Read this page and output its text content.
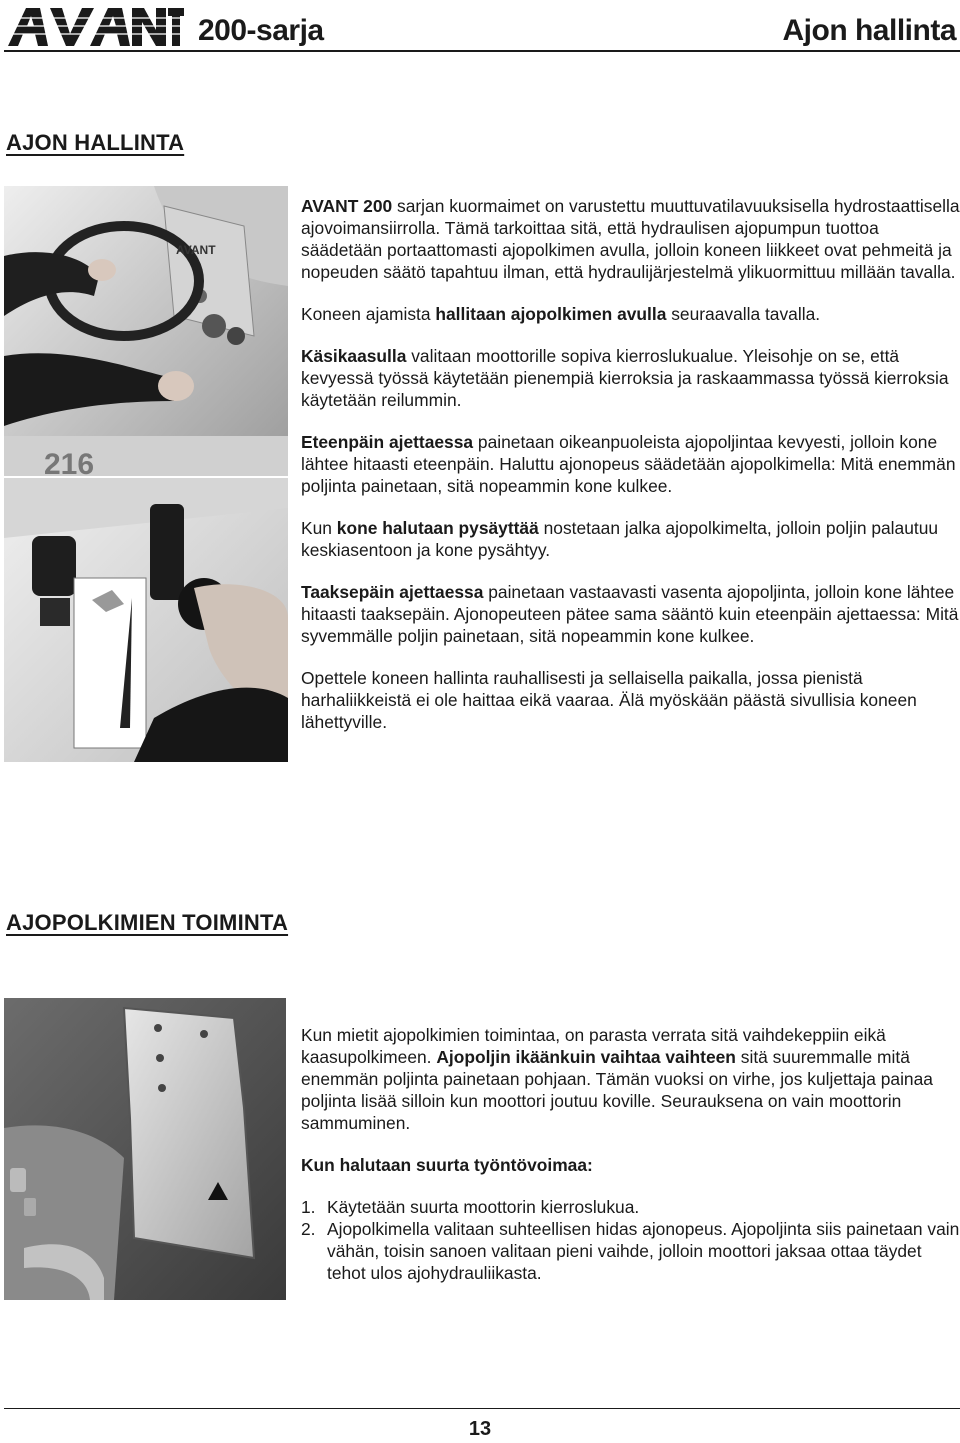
200-sarja	Ajon hallinta
AJON HALLINTA
216
AVANT

AVANT 200 sarjan kuormaimet on varustettu muuttuvatilavuuksisella hydrostaattisella ajovoimansiirrolla. Tämä tarkoittaa sitä, että hydraulisen ajopumpun tuottoa säädetään portaattomasti ajopolkimen avulla, jolloin koneen liikkeet ovat pehmeitä ja nopeuden säätö tapahtuu ilman, että hydraulijärjestelmä ylikuormittuu millään tavalla.

Koneen ajamista hallitaan ajopolkimen avulla seuraavalla tavalla.

Käsikaasulla valitaan moottorille sopiva kierroslukualue. Yleisohje on se, että kevyessä työssä käytetään pienempiä kierroksia ja raskaammassa työssä kierroksia käytetään reilummin.

Eteenpäin ajettaessa painetaan oikeanpuoleista ajopoljintaa kevyesti, jolloin kone lähtee hitaasti eteenpäin. Haluttu ajonopeus säädetään ajopolkimella: Mitä enemmän poljinta painetaan, sitä nopeammin kone kulkee.

Kun kone halutaan pysäyttää nostetaan jalka ajopolkimelta, jolloin poljin palautuu keskiasentoon ja kone pysähtyy.

Taaksepäin ajettaessa painetaan vastaavasti vasenta ajopoljinta, jolloin kone lähtee hitaasti taaksepäin. Ajonopeuteen pätee sama sääntö kuin eteenpäin ajettaessa: Mitä syvemmälle poljin painetaan, sitä nopeammin kone kulkee.

Opettele koneen hallinta rauhallisesti ja sellaisella paikalla, jossa pienistä harhaliikkeistä ei ole haittaa eikä vaaraa. Älä myöskään päästä sivullisia koneen lähettyville.

AJOPOLKIMIEN TOIMINTA

Kun mietit ajopolkimien toimintaa, on parasta verrata sitä vaihdekeppiin eikä kaasupolkimeen. Ajopoljin ikäänkuin vaihtaa vaihteen sitä suuremmalle mitä enemmän poljinta painetaan pohjaan. Tämän vuoksi on virhe, jos kuljettaja painaa poljinta lisää silloin kun moottori joutuu koville. Seurauksena on vain moottorin sammuminen.

Kun halutaan suurta työntövoimaa:

1. Käytetään suurta moottorin kierroslukua.
2. Ajopolkimella valitaan suhteellisen hidas ajonopeus. Ajopoljinta siis painetaan vain vähän, toisin sanoen valitaan pieni vaihde, jolloin moottori jaksaa ottaa täydet tehot ulos ajohydrauliikasta.
13
